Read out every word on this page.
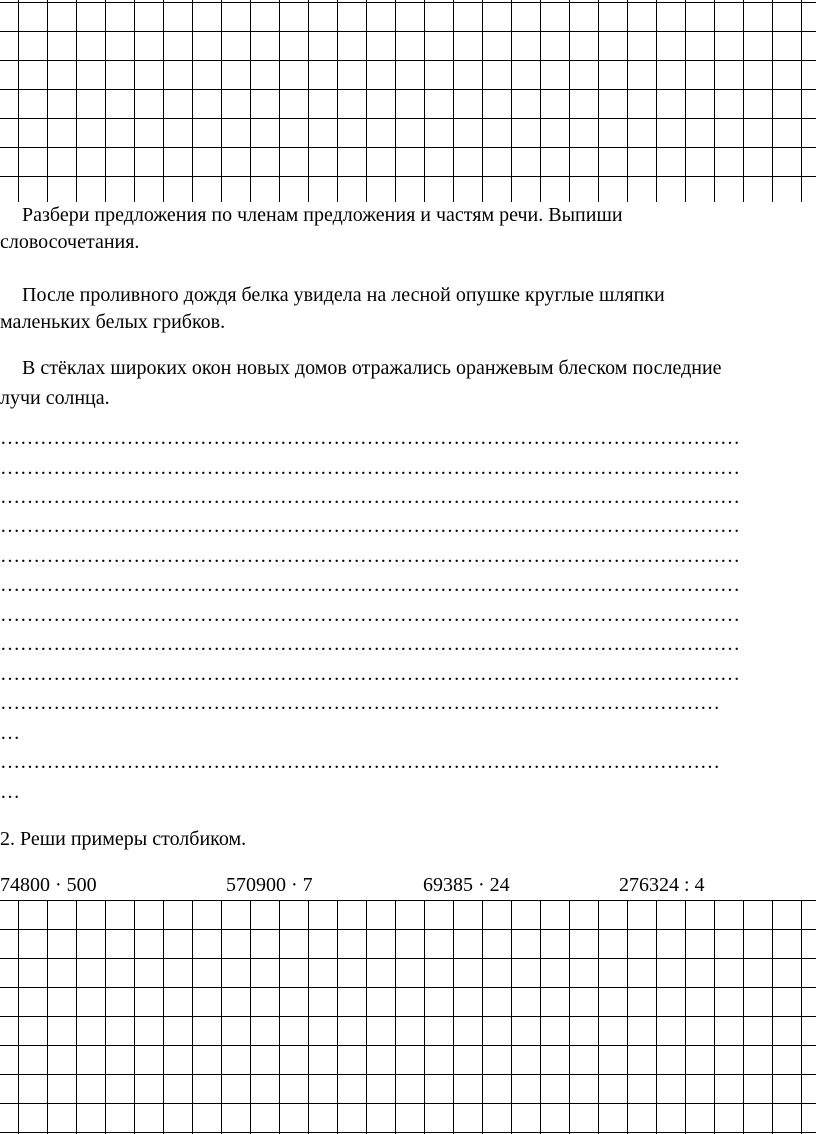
Разбери предложения по членам предложения и частям речи. Выпиши
словосочетания.
После проливного дождя белка увидела на лесной опушке круглые шляпки
маленьких белых грибков.
В стёклах широких окон новых домов отражались оранжевым блеском последние
лучи солнца.
…………………………………………………………………………………………………
…………………………………………………………………………………………………
…………………………………………………………………………………………………
…………………………………………………………………………………………………
…………………………………………………………………………………………………
…………………………………………………………………………………………………
…………………………………………………………………………………………………
…………………………………………………………………………………………………
…………………………………………………………………………………………………
………………………………………………………………………………………………
…
………………………………………………………………………………………………
…
2. Реши примеры столбиком.
74800 · 500	570900 · 7	69385 · 24	276324 : 4
